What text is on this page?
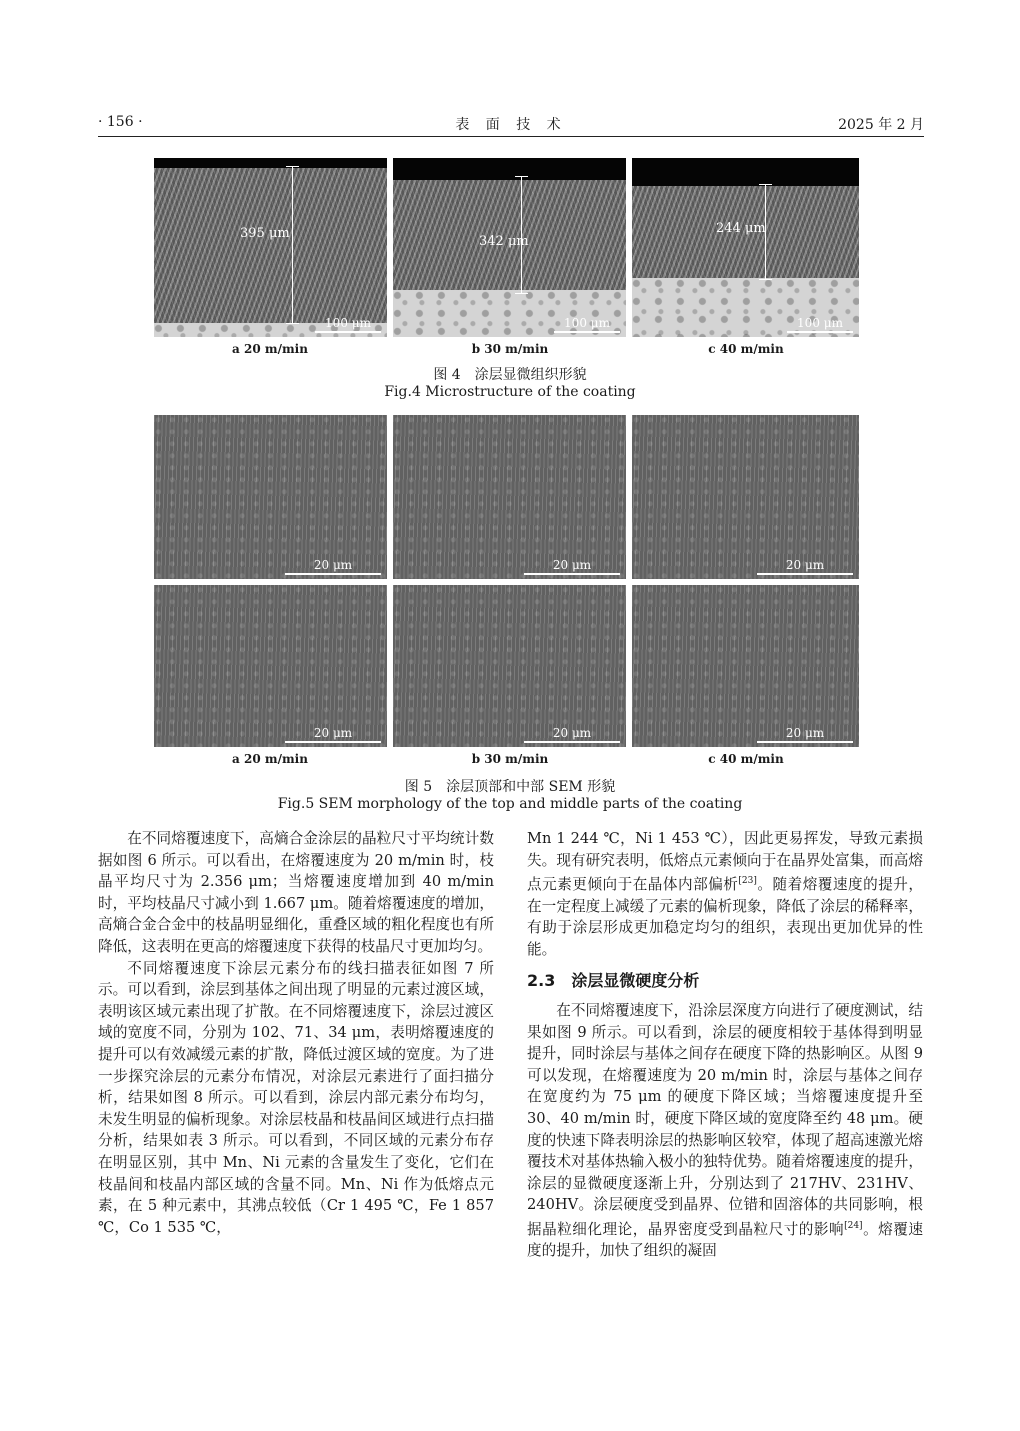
· 156 ·	表 面 技 术	2025 年 2 月
395 μm
100 μm
342 μm
100 μm
244 μm
100 μm
a 20 m/min	b 30 m/min	c 40 m/min
图 4　涂层显微组织形貌
Fig.4 Microstructure of the coating
20 μm	20 μm	20 μm
20 μm	20 μm	20 μm
a 20 m/min	b 30 m/min	c 40 m/min
图 5　涂层顶部和中部 SEM 形貌
Fig.5 SEM morphology of the top and middle parts of the coating

在不同熔覆速度下，高熵合金涂层的晶粒尺寸平均统计数据如图 6 所示。可以看出，在熔覆速度为 20 m/min 时，枝晶平均尺寸为 2.356 μm；当熔覆速度增加到 40 m/min 时，平均枝晶尺寸减小到 1.667 μm。随着熔覆速度的增加，高熵合金合金中的枝晶明显细化，重叠区域的粗化程度也有所降低，这表明在更高的熔覆速度下获得的枝晶尺寸更加均匀。

不同熔覆速度下涂层元素分布的线扫描表征如图 7 所示。可以看到，涂层到基体之间出现了明显的元素过渡区域，表明该区域元素出现了扩散。在不同熔覆速度下，涂层过渡区域的宽度不同，分别为 102、71、34 μm，表明熔覆速度的提升可以有效减缓元素的扩散，降低过渡区域的宽度。为了进一步探究涂层的元素分布情况，对涂层元素进行了面扫描分析，结果如图 8 所示。可以看到，涂层内部元素分布均匀，未发生明显的偏析现象。对涂层枝晶和枝晶间区域进行点扫描分析，结果如表 3 所示。可以看到，不同区域的元素分布存在明显区别，其中 Mn、Ni 元素的含量发生了变化，它们在枝晶间和枝晶内部区域的含量不同。Mn、Ni 作为低熔点元素，在 5 种元素中，其沸点较低（Cr 1 495 ℃，Fe 1 857 ℃，Co 1 535 ℃，

Mn 1 244 ℃，Ni 1 453 ℃），因此更易挥发，导致元素损失。现有研究表明，低熔点元素倾向于在晶界处富集，而高熔点元素更倾向于在晶体内部偏析[23]。随着熔覆速度的提升，在一定程度上减缓了元素的偏析现象，降低了涂层的稀释率，有助于涂层形成更加稳定均匀的组织，表现出更加优异的性能。

2.3　涂层显微硬度分析

在不同熔覆速度下，沿涂层深度方向进行了硬度测试，结果如图 9 所示。可以看到，涂层的硬度相较于基体得到明显提升，同时涂层与基体之间存在硬度下降的热影响区。从图 9 可以发现，在熔覆速度为 20 m/min 时，涂层与基体之间存在宽度约为 75 μm 的硬度下降区域；当熔覆速度提升至 30、40 m/min 时，硬度下降区域的宽度降至约 48 μm。硬度的快速下降表明涂层的热影响区较窄，体现了超高速激光熔覆技术对基体热输入极小的独特优势。随着熔覆速度的提升，涂层的显微硬度逐渐上升，分别达到了 217HV、231HV、240HV。涂层硬度受到晶界、位错和固溶体的共同影响，根据晶粒细化理论，晶界密度受到晶粒尺寸的影响[24]。熔覆速度的提升，加快了组织的凝固
